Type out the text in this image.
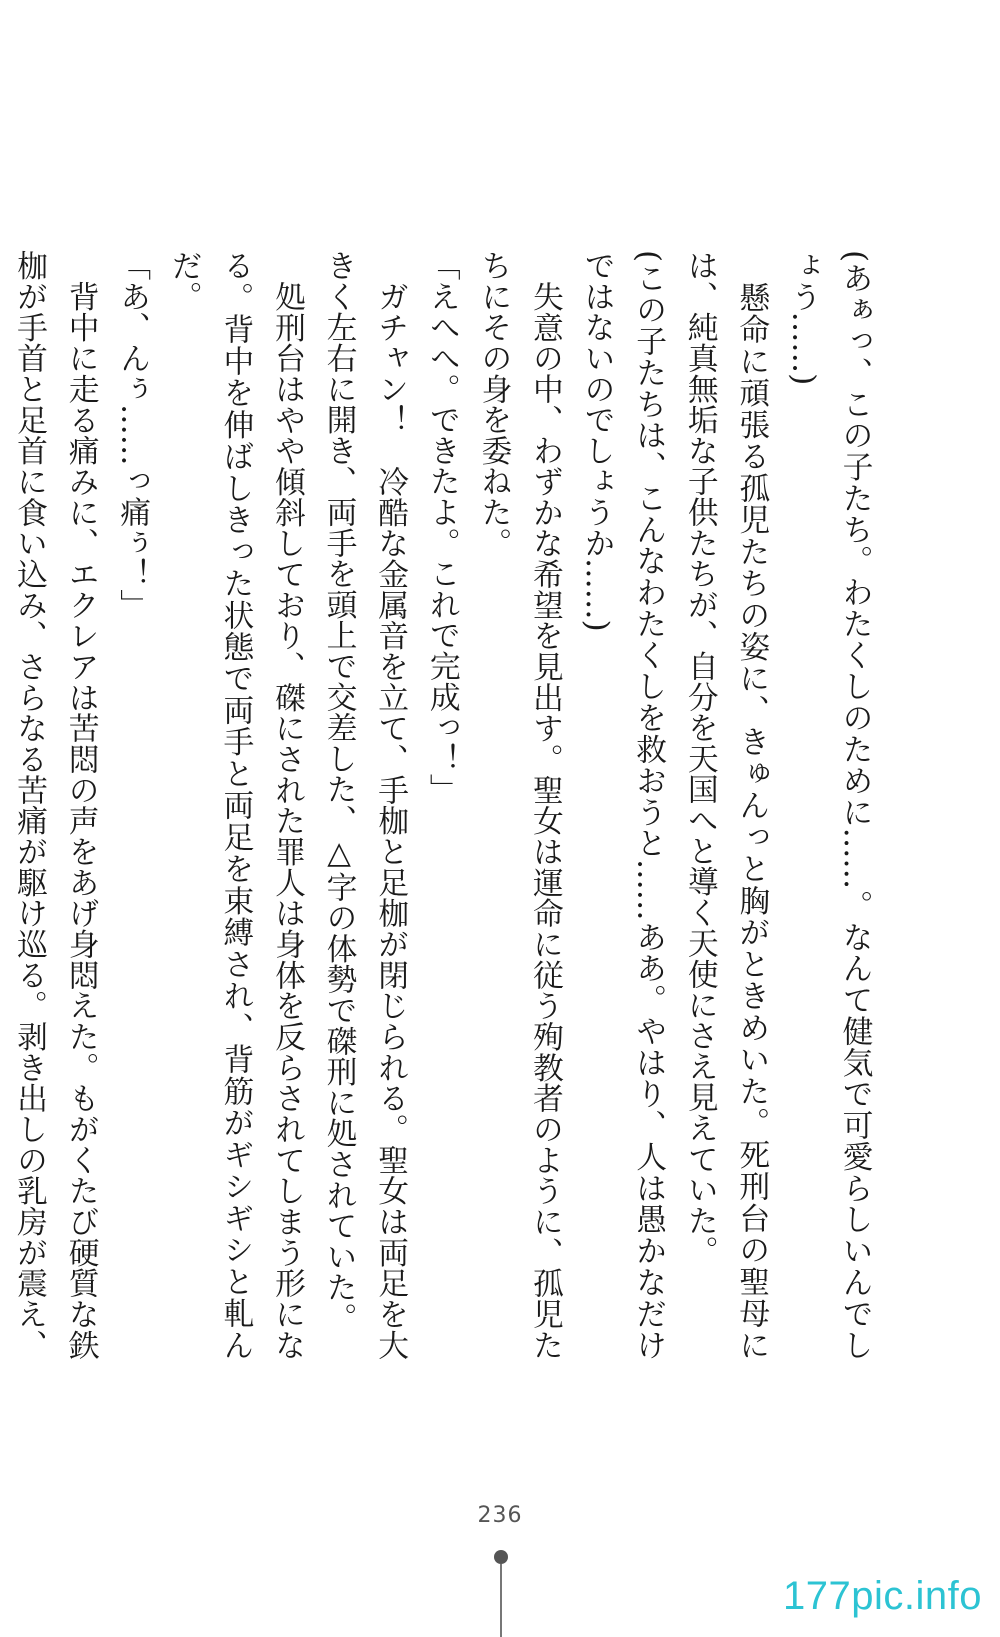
(あぁっ、この子たち。わたくしのために……。なんて健気で可愛らしいんでしょう……)

　懸命に頑張る孤児たちの姿に、きゅんっと胸がときめいた。死刑台の聖母には、純真無垢な子供たちが、自分を天国へと導く天使にさえ見えていた。

(この子たちは、こんなわたくしを救おうと……ああ。やはり、人は愚かなだけではないのでしょうか……)

　失意の中、わずかな希望を見出す。聖女は運命に従う殉教者のように、孤児たちにその身を委ねた。

「えへへ。できたよ。これで完成っ！」

　ガチャン！　冷酷な金属音を立て、手枷と足枷が閉じられる。聖女は両足を大きく左右に開き、両手を頭上で交差した、△字の体勢で磔刑に処されていた。

　処刑台はやや傾斜しており、磔にされた罪人は身体を反らされてしまう形になる。背中を伸ばしきった状態で両手と両足を束縛され、背筋がギシギシと軋んだ。

「あ、んぅ……っ痛ぅ！」

　背中に走る痛みに、エクレアは苦悶の声をあげ身悶えた。もがくたび硬質な鉄枷が手首と足首に食い込み、さらなる苦痛が駆け巡る。剥き出しの乳房が震え、

236
177pic.info
